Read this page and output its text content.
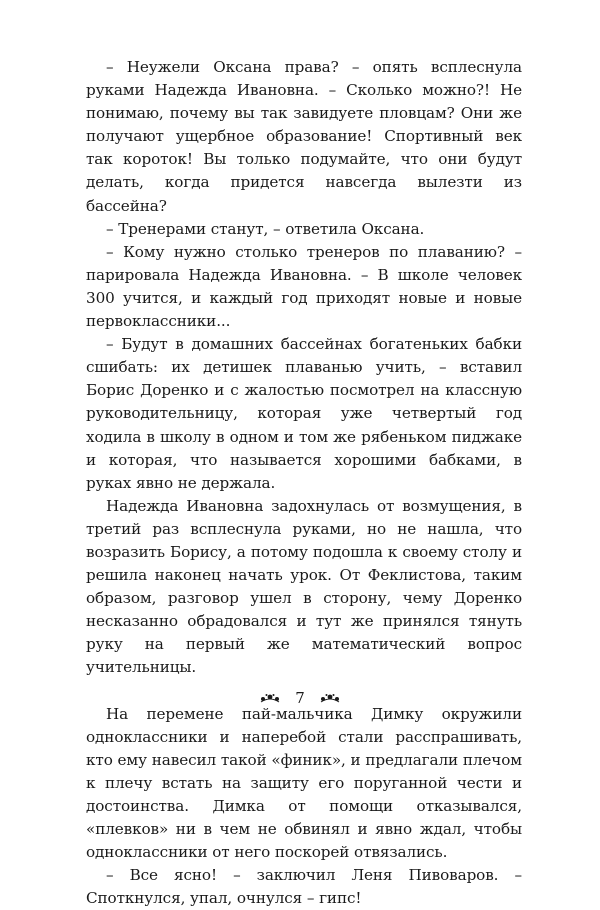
– Неужели Оксана права? – опять всплеснула руками Надежда Ивановна. – Сколько можно?! Не понимаю, почему вы так завидуете пловцам? Они же получают ущербное образование! Спортивный век так короток! Вы только подумайте, что они будут делать, когда придется навсегда вылезти из бассейна?

– Тренерами станут, – ответила Оксана.

– Кому нужно столько тренеров по плаванию? – парировала Надежда Ивановна. – В школе человек 300 учится, и каждый год приходят новые и новые первоклассники...

– Будут в домашних бассейнах богатеньких бабки сшибать: их детишек плаванью учить, – вставил Борис Доренко и с жалостью посмотрел на классную руководительницу, которая уже четвертый год ходила в школу в одном и том же рябеньком пиджаке и которая, что называется хорошими бабками, в руках явно не держала.

Надежда Ивановна задохнулась от возмущения, в третий раз всплеснула руками, но не нашла, что возразить Борису, а потому подошла к своему столу и решила наконец начать урок. От Феклистова, таким образом, разговор ушел в сторону, чему Доренко несказанно обрадовался и тут же принялся тянуть руку на первый же математический вопрос учительницы.

На перемене пай-мальчика Димку окружили одноклассники и наперебой стали расспрашивать, кто ему навесил такой «финик», и предлагали плечом к плечу встать на защиту его поруганной чести и достоинства. Димка от помощи отказывался, «плевков» ни в чем не обвинял и явно ждал, чтобы одноклассники от него поскорей отвязались.

– Все ясно! – заключил Леня Пивоваров. – Споткнулся, упал, очнулся – гипс!

7
